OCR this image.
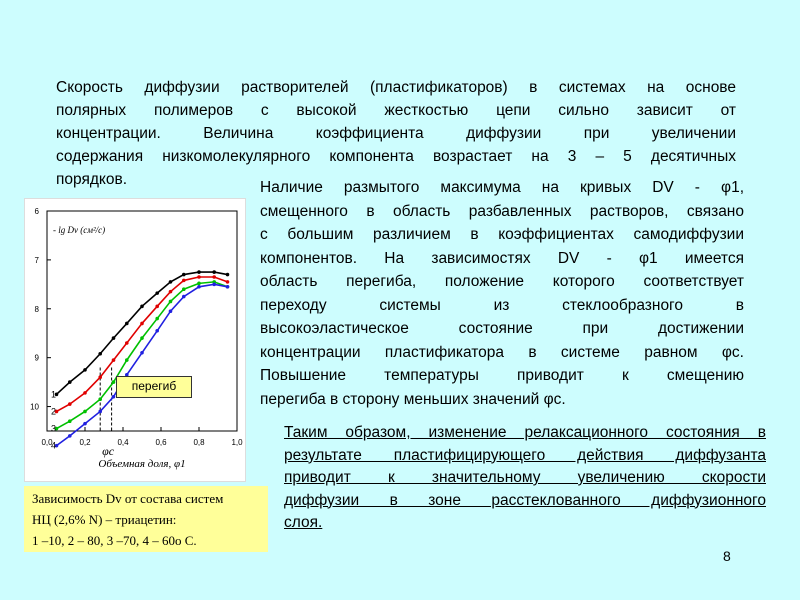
Скорость диффузии растворителей (пластификаторов) в системах на основе
полярных полимеров с высокой жесткостью цепи сильно зависит от
концентрации. Величина коэффициента диффузии при увеличении
содержания низкомолекулярного компонента возрастает на 3 – 5 десятичных
порядков.	Наличие размытого максимума на кривых DV - φ1,
смещенного в область разбавленных растворов, связано
с большим различием в коэффициентах самодиффузии
компонентов. На зависимостях DV - φ1 имеется
область перегиба, положение которого соответствует
переходу системы из стеклообразного в
высокоэластическое состояние при достижении
концентрации пластификатора в системе равном φc.
Повышение температуры приводит к смещению
перегиба в сторону меньших значений φc.
Таким образом, изменение релаксационного состояния в
результате пластифицирующего действия диффузанта
приводит к значительному увеличению скорости
диффузии в зоне расстеклованного диффузионного
слоя.
0,0	0,2	0,4	0,6	0,8	1,0
6
7
8
9
10
- lg Dv (см²/c)
Объемная доля, φ1
φc
1
2
3
4
перегиб
Зависимость Dv от состава систем
НЦ (2,6% N) – триацетин:
1 –10, 2 – 80, 3 –70, 4 – 60o C.
8
